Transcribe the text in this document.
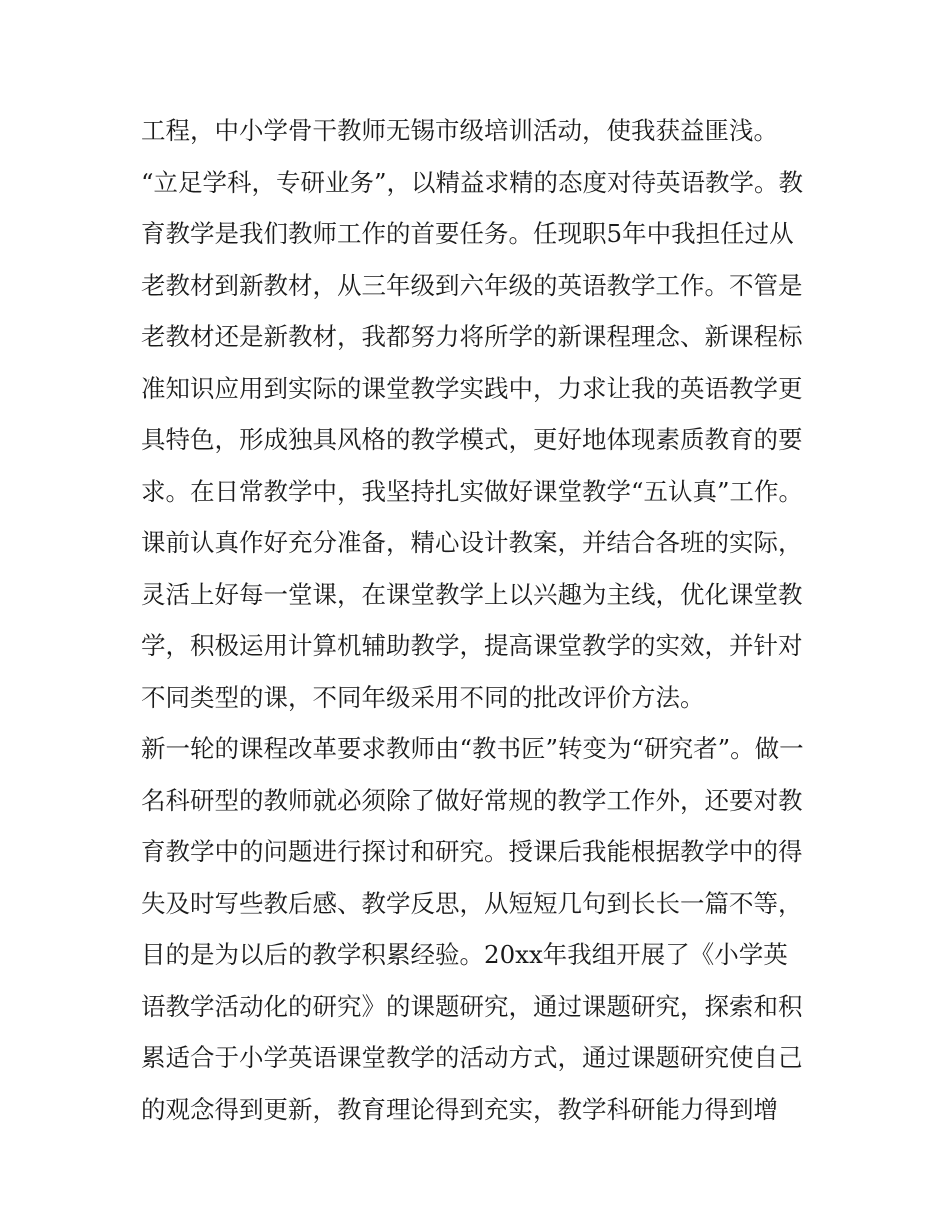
工程，中小学骨干教师无锡市级培训活动，使我获益匪浅。
“立足学科，专研业务”，以精益求精的态度对待英语教学。教
育教学是我们教师工作的首要任务。任现职5年中我担任过从
老教材到新教材，从三年级到六年级的英语教学工作。不管是
老教材还是新教材，我都努力将所学的新课程理念、新课程标
准知识应用到实际的课堂教学实践中，力求让我的英语教学更
具特色，形成独具风格的教学模式，更好地体现素质教育的要
求。在日常教学中，我坚持扎实做好课堂教学“五认真”工作。
课前认真作好充分准备，精心设计教案，并结合各班的实际，
灵活上好每一堂课，在课堂教学上以兴趣为主线，优化课堂教
学，积极运用计算机辅助教学，提高课堂教学的实效，并针对
不同类型的课，不同年级采用不同的批改评价方法。
新一轮的课程改革要求教师由“教书匠”转变为“研究者”。做一
名科研型的教师就必须除了做好常规的教学工作外，还要对教
育教学中的问题进行探讨和研究。授课后我能根据教学中的得
失及时写些教后感、教学反思，从短短几句到长长一篇不等，
目的是为以后的教学积累经验。20xx年我组开展了《小学英
语教学活动化的研究》的课题研究，通过课题研究，探索和积
累适合于小学英语课堂教学的活动方式，通过课题研究使自己
的观念得到更新，教育理论得到充实，教学科研能力得到增
